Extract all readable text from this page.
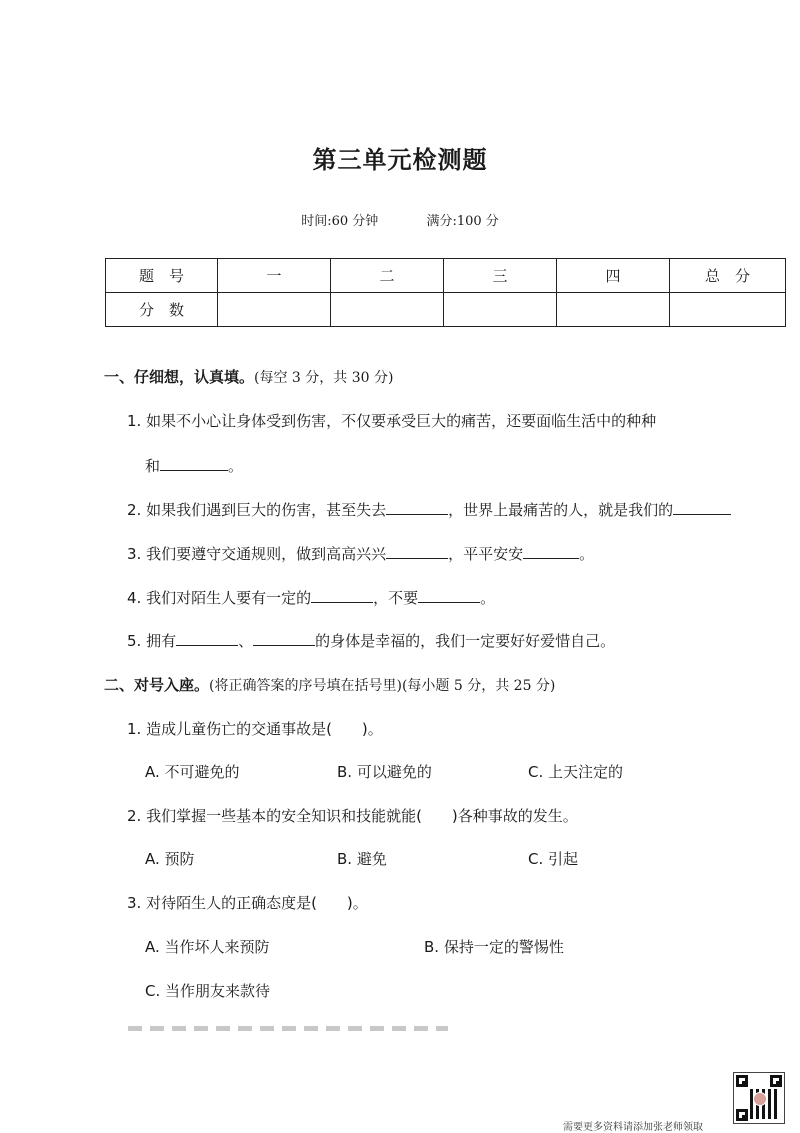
第三单元检测题
时间:60 分钟	满分:100 分
题　号	一	二	三	四	总　分
分　数					
一、仔细想，认真填。(每空 3 分，共 30 分)
1. 如果不小心让身体受到伤害，不仅要承受巨大的痛苦，还要面临生活中的种种
和	。
2. 如果我们遇到巨大的伤害，甚至失去	，世界上最痛苦的人，就是我们的
3. 我们要遵守交通规则，做到高高兴兴	，平平安安	。
4. 我们对陌生人要有一定的	，不要	。
5. 拥有	、	的身体是幸福的，我们一定要好好爱惜自己。
二、对号入座。(将正确答案的序号填在括号里)(每小题 5 分，共 25 分)
1. 造成儿童伤亡的交通事故是(　　)。
A. 不可避免的	B. 可以避免的	C. 上天注定的
2. 我们掌握一些基本的安全知识和技能就能(　　)各种事故的发生。
A. 预防	B. 避免	C. 引起
3. 对待陌生人的正确态度是(　　)。
A. 当作坏人来预防	B. 保持一定的警惕性
C. 当作朋友来款待
需要更多资料请添加张老师领取
